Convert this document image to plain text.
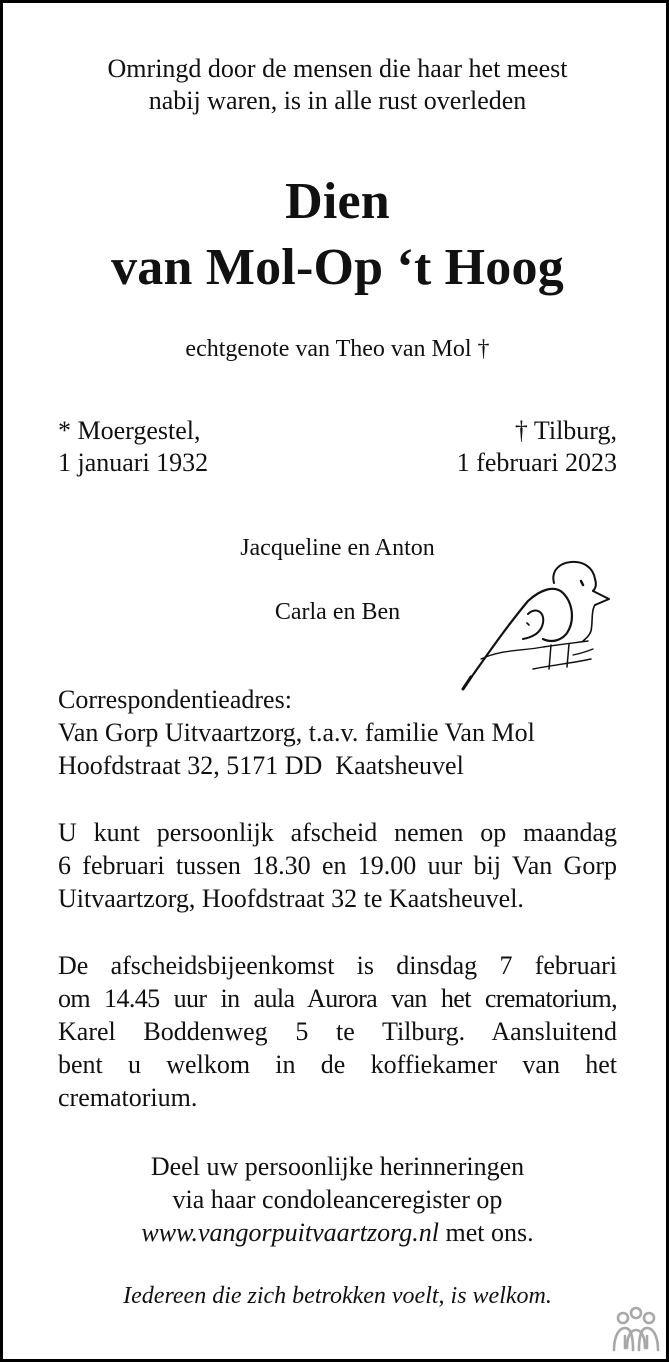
Omringd door de mensen die haar het meest
nabij waren, is in alle rust overleden
Dien
van Mol-Op ‘t Hoog
echtgenote van Theo van Mol †
* Moergestel,
1 januari 1932
† Tilburg,
1 februari 2023
Jacqueline en Anton
Carla en Ben
Correspondentieadres:
Van Gorp Uitvaartzorg, t.a.v. familie Van Mol
Hoofdstraat 32, 5171 DD  Kaatsheuvel
U kunt persoonlijk afscheid nemen op maandag
6 februari tussen 18.30 en 19.00 uur bij Van Gorp
Uitvaartzorg, Hoofdstraat 32 te Kaatsheuvel.
De afscheidsbijeenkomst is dinsdag 7 februari
om 14.45 uur in aula Aurora van het crematorium,
Karel Boddenweg 5 te Tilburg. Aansluitend
bent u welkom in de koffiekamer van het
crematorium.
Deel uw persoonlijke herinneringen
via haar condoleanceregister op
www.vangorpuitvaartzorg.nl met ons.
Iedereen die zich betrokken voelt, is welkom.
